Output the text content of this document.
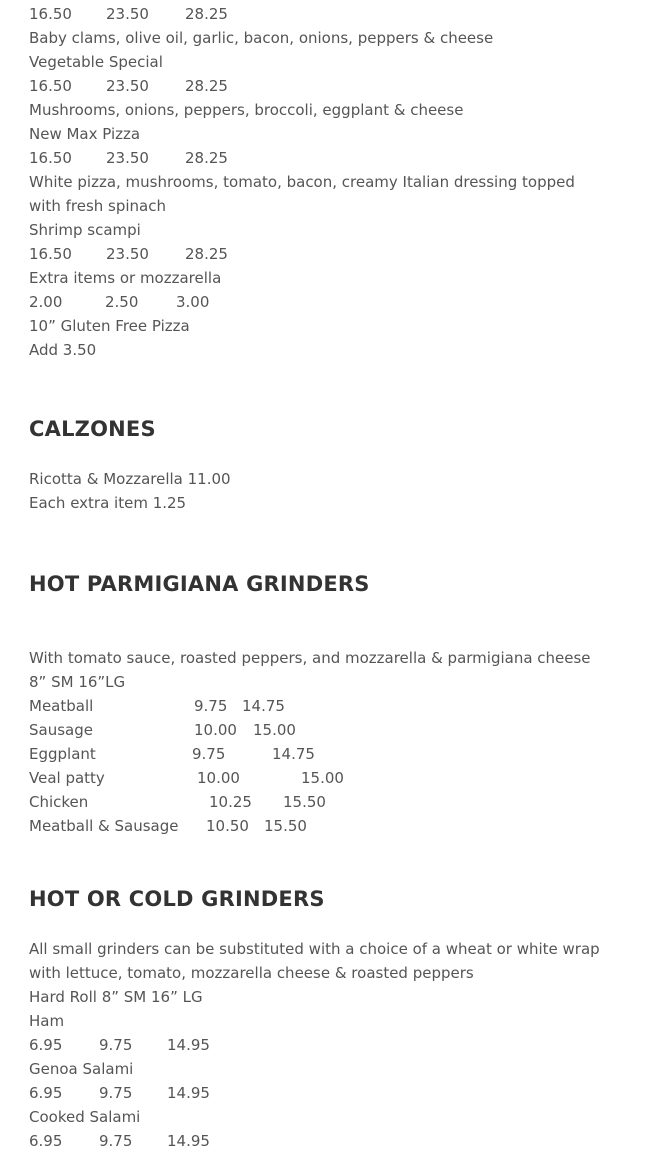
16.50 23.50 28.25

Baby clams, olive oil, garlic, bacon, onions, peppers & cheese

Vegetable Special

16.50 23.50 28.25

Mushrooms, onions, peppers, broccoli, eggplant & cheese

New Max Pizza

16.50 23.50 28.25

White pizza, mushrooms, tomato, bacon, creamy Italian dressing topped with fresh spinach

Shrimp scampi

16.50 23.50 28.25

Extra items or mozzarella

2.00	2.50	3.00

10” Gluten Free Pizza

Add 3.50

CALZONES

Ricotta & Mozzarella 11.00

Each extra item 1.25

HOT PARMIGIANA GRINDERS

With tomato sauce, roasted peppers, and mozzarella & parmigiana cheese

8” SM 16”LG

Meatball	9.75 14.75

Sausage	10.00 15.00

Eggplant	9.75	14.75

Veal patty	10.00	15.00

Chicken	10.25 15.50

Meatball & Sausage 10.50 15.50

HOT OR COLD GRINDERS

All small grinders can be substituted with a choice of a wheat or white wrap with lettuce, tomato, mozzarella cheese & roasted peppers

Hard Roll 8” SM 16” LG

Ham

6.95 9.75 14.95

Genoa Salami

6.95 9.75 14.95

Cooked Salami

6.95 9.75 14.95
